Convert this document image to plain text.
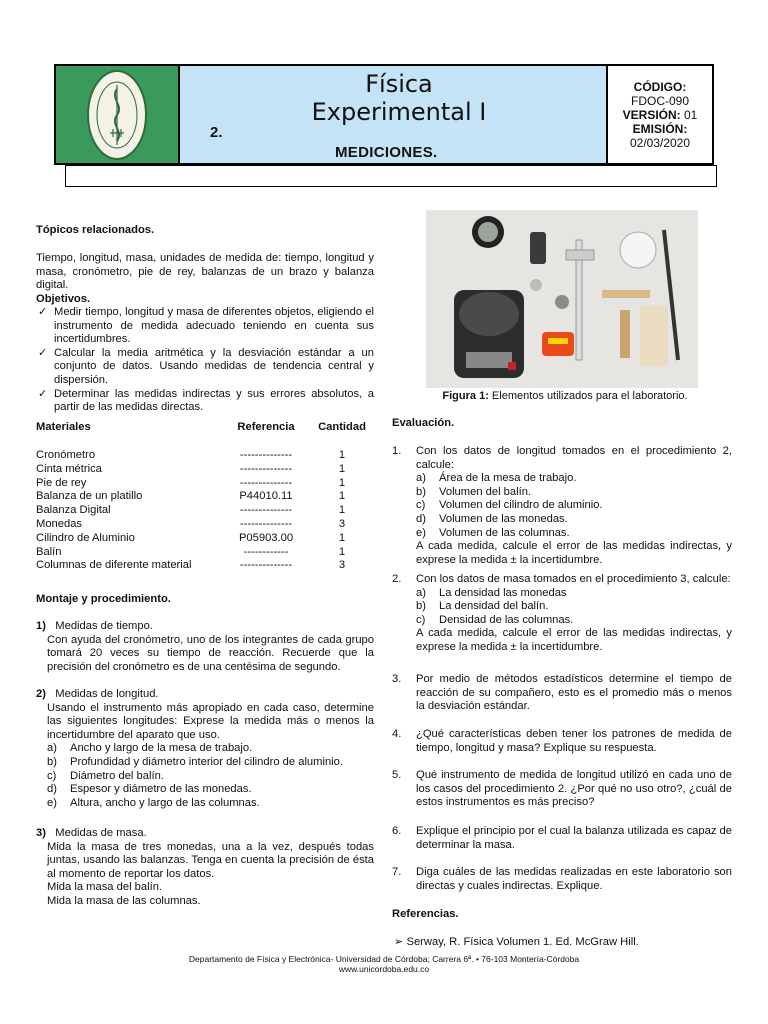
Física
Experimental I
2.
MEDICIONES.
CÓDIGO:
FDOC-090
VERSIÓN: 01
EMISIÓN:
02/03/2020
Tópicos relacionados.
Tiempo, longitud, masa, unidades de medida de: tiempo, longitud y masa, cronómetro, pie de rey, balanzas de un brazo y balanza digital.
Objetivos.
✓ Medir tiempo, longitud y masa de diferentes objetos, eligiendo el instrumento de medida adecuado teniendo en cuenta sus incertidumbres.
✓ Calcular la media aritmética y la desviación estándar a un conjunto de datos. Usando medidas de tendencia central y dispersión.
✓ Determinar las medidas indirectas y sus errores absolutos, a partir de las medidas directas.
Materiales	Referencia	Cantidad
Cronómetro	--------------	1
Cinta métrica	--------------	1
Pie de rey	--------------	1
Balanza de un platillo	P44010.11	1
Balanza Digital	--------------	1
Monedas	--------------	3
Cilindro de Aluminio	P05903.00	1
Balín	------------	1
Columnas de diferente material	--------------	3
Montaje y procedimiento.
1) Medidas de tiempo.
Con ayuda del cronómetro, uno de los integrantes de cada grupo tomará 20 veces su tiempo de reacción. Recuerde que la precisión del cronómetro es de una centésima de segundo.
2) Medidas de longitud.
Usando el instrumento más apropiado en cada caso, determine las siguientes longitudes: Exprese la medida más o menos la incertidumbre del aparato que uso.
a)	Ancho y largo de la mesa de trabajo.
b)	Profundidad y diámetro interior del cilindro de aluminio.
c)	Diámetro del balín.
d)	Espesor y diámetro de las monedas.
e)	Altura, ancho y largo de las columnas.
3) Medidas de masa.
Mida la masa de tres monedas, una a la vez, después todas juntas, usando las balanzas. Tenga en cuenta la precisión de ésta al momento de reportar los datos.
Mida la masa del balín.
Mida la masa de las columnas.
Figura 1: Elementos utilizados para el laboratorio.
Evaluación.
1.	Con los datos de longitud tomados en el procedimiento 2, calcule:
a)	Área de la mesa de trabajo.
b)	Volumen del balín.
c)	Volumen del cilindro de aluminio.
d)	Volumen de las monedas.
e)	Volumen de las columnas.
A cada medida, calcule el error de las medidas indirectas, y exprese la medida ± la incertidumbre.
2.	Con los datos de masa tomados en el procedimiento 3, calcule:
a)	La densidad las monedas
b)	La densidad del balín.
c)	Densidad de las columnas.
A cada medida, calcule el error de las medidas indirectas, y exprese la medida ± la incertidumbre.
3.	Por medio de métodos estadísticos determine el tiempo de reacción de su compañero, esto es el promedio más o menos la desviación estándar.
4.	¿Qué características deben tener los patrones de medida de tiempo, longitud y masa? Explique su respuesta.
5.	Qué instrumento de medida de longitud utilizó en cada uno de los casos del procedimiento 2. ¿Por qué no uso otro?, ¿cuál de estos instrumentos es más preciso?
6.	Explique el principio por el cual la balanza utilizada es capaz de determinar la masa.
7.	Diga cuáles de las medidas realizadas en este laboratorio son directas y cuales indirectas. Explique.
Referencias.
➢ Serway, R. Física Volumen 1. Ed. McGraw Hill.
Departamento de Física y Electrónica- Universidad de Córdoba; Carrera 6ª. • 76-103 Montería-Córdoba
www.unicordoba.edu.co
